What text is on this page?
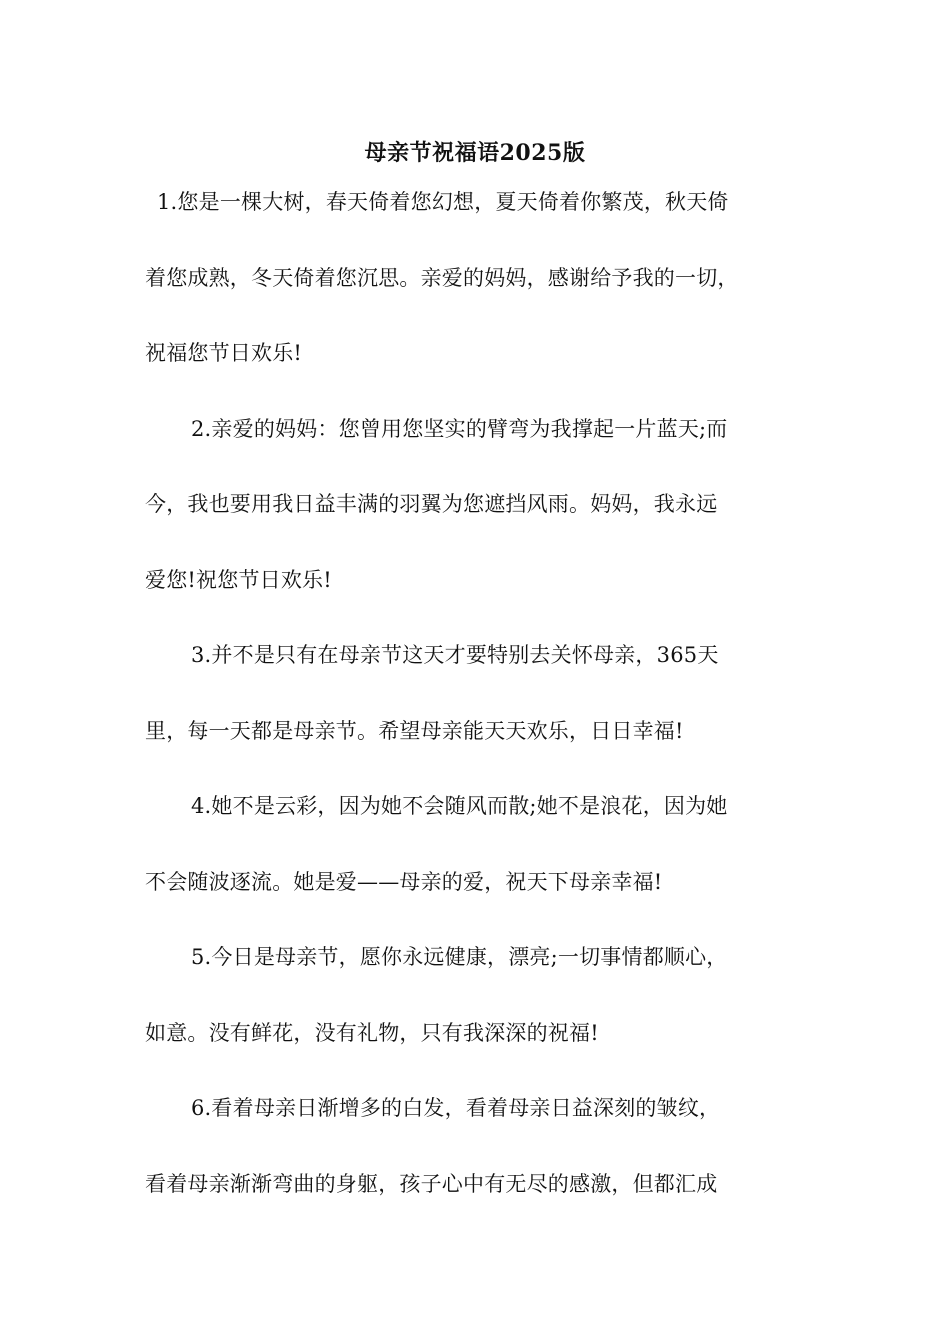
母亲节祝福语2025版
1.您是一棵大树，春天倚着您幻想，夏天倚着你繁茂，秋天倚
着您成熟，冬天倚着您沉思。亲爱的妈妈，感谢给予我的一切，
祝福您节日欢乐!
2.亲爱的妈妈：您曾用您坚实的臂弯为我撑起一片蓝天;而
今，我也要用我日益丰满的羽翼为您遮挡风雨。妈妈，我永远
爱您!祝您节日欢乐!
3.并不是只有在母亲节这天才要特别去关怀母亲，365天
里，每一天都是母亲节。希望母亲能天天欢乐，日日幸福!
4.她不是云彩，因为她不会随风而散;她不是浪花，因为她
不会随波逐流。她是爱——母亲的爱，祝天下母亲幸福!
5.今日是母亲节，愿你永远健康，漂亮;一切事情都顺心，
如意。没有鲜花，没有礼物，只有我深深的祝福!
6.看着母亲日渐增多的白发，看着母亲日益深刻的皱纹，
看着母亲渐渐弯曲的身躯，孩子心中有无尽的感激，但都汇成
